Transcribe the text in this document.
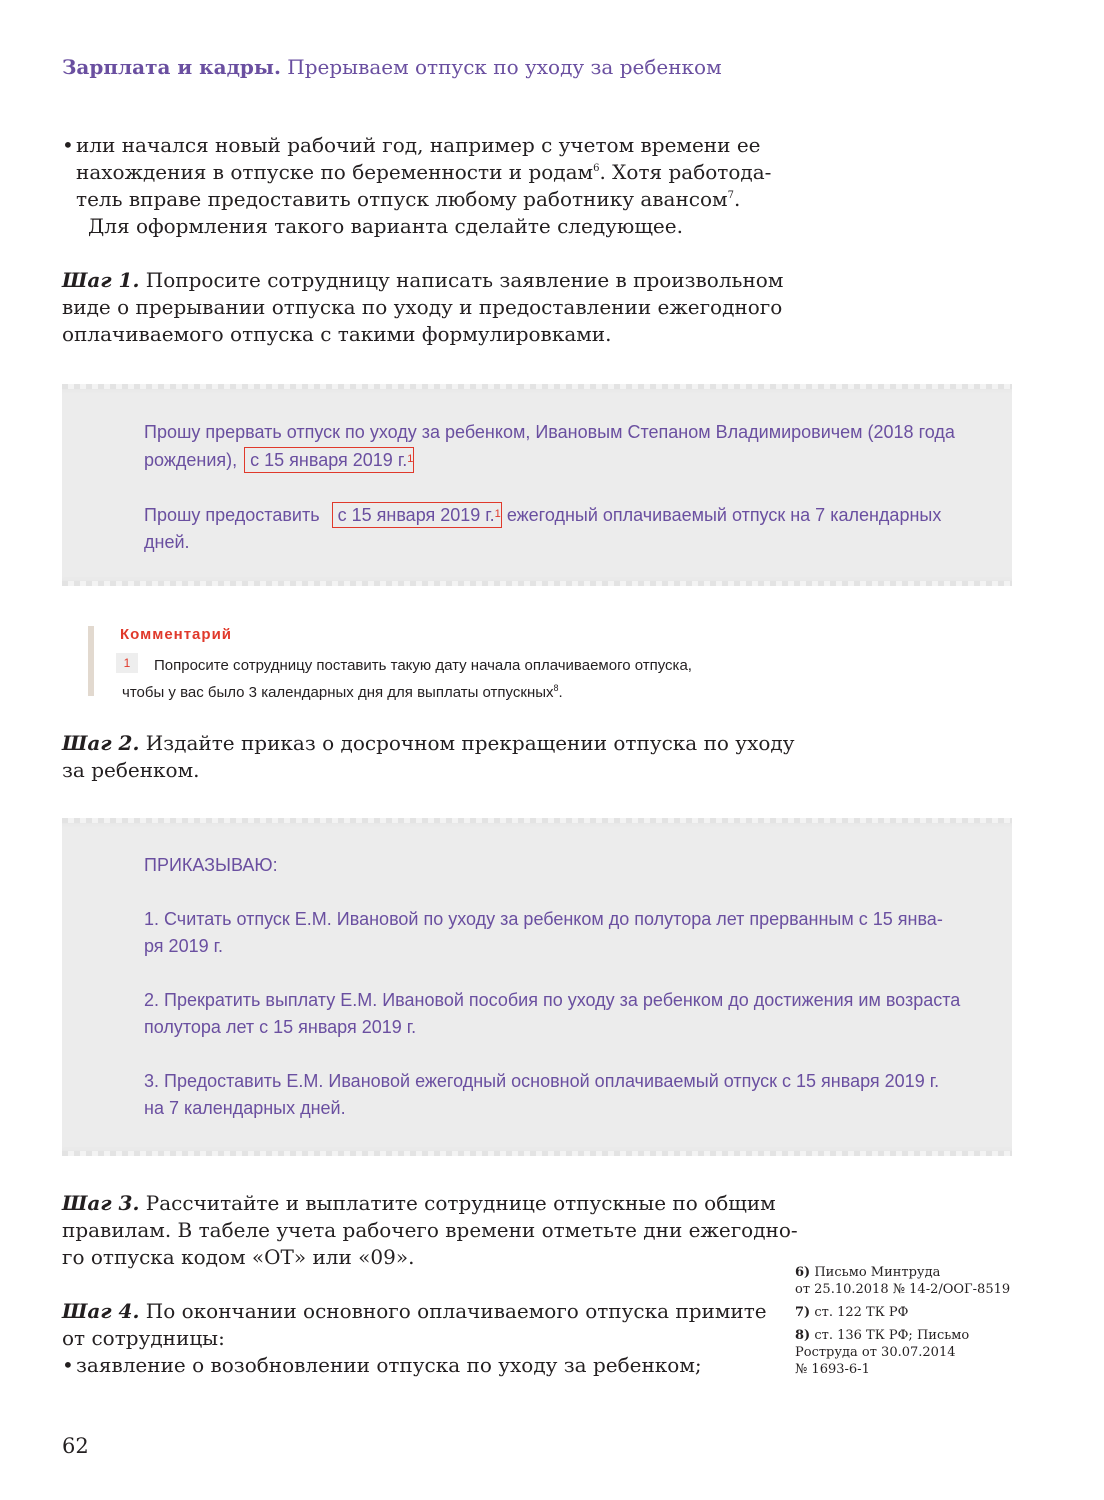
Зарплата и кадры. Прерываем отпуск по уходу за ребенком
• или начался новый рабочий год, например с учетом времени ее
нахождения в отпуске по беременности и родам$^6$. Хотя работода-
тель вправе предоставить отпуск любому работнику авансом$^7$.
Для оформления такого варианта сделайте следующее.
Шаг 1. Попросите сотрудницу написать заявление в произвольном
виде о прерывании отпуска по уходу и предоставлении ежегодного
оплачиваемого отпуска с такими формулировками.
Прошу прервать отпуск по уходу за ребенком, Ивановым Степаном Владимировичем (2018 года
рождения), с 15 января 2019 г.$^1$
Прошу предоставить с 15 января 2019 г.$^1$ ежегодный оплачиваемый отпуск на 7 календарных
дней.
Комментарий
1	Попросите сотрудницу поставить такую дату начала оплачиваемого отпуска,
чтобы у вас было 3 календарных дня для выплаты отпускных$^8$.
Шаг 2. Издайте приказ о досрочном прекращении отпуска по уходу
за ребенком.
ПРИКАЗЫВАЮ:
1. Считать отпуск Е.М. Ивановой по уходу за ребенком до полутора лет прерванным с 15 янва-
ря 2019 г.
2. Прекратить выплату Е.М. Ивановой пособия по уходу за ребенком до достижения им возраста
полутора лет с 15 января 2019 г.
3. Предоставить Е.М. Ивановой ежегодный основной оплачиваемый отпуск с 15 января 2019 г.
на 7 календарных дней.
Шаг 3. Рассчитайте и выплатите сотруднице отпускные по общим
правилам. В табеле учета рабочего времени отметьте дни ежегодно-
го отпуска кодом «ОТ» или «09».
Шаг 4. По окончании основного оплачиваемого отпуска примите
от сотрудницы:
• заявление о возобновлении отпуска по уходу за ребенком;
6) Письмо Минтруда
от 25.10.2018 № 14-2/ООГ-8519
7) ст. 122 ТК РФ
8) ст. 136 ТК РФ; Письмо
Роструда от 30.07.2014
№ 1693-6-1
62
